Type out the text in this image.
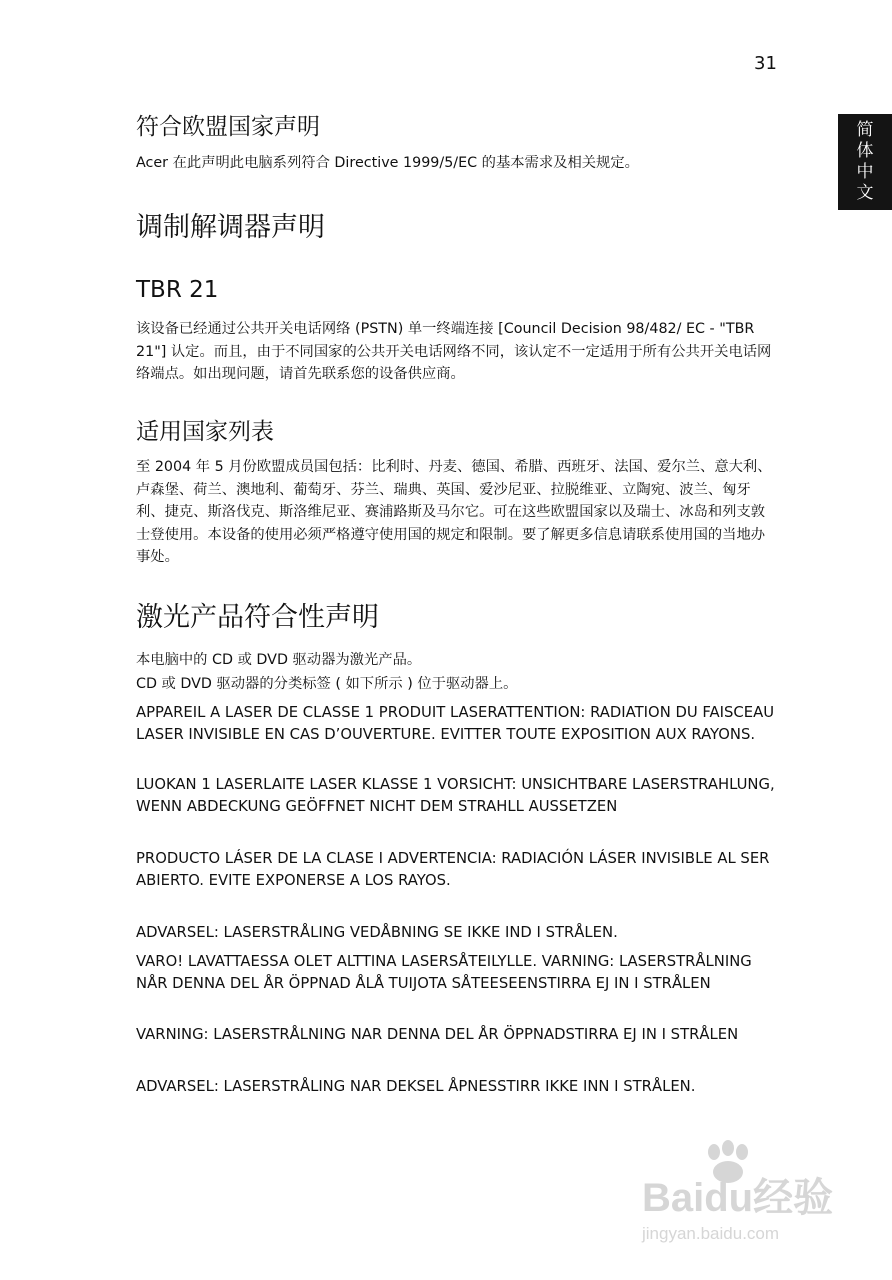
31
简体中文
符合欧盟国家声明

Acer 在此声明此电脑系列符合 Directive 1999/5/EC 的基本需求及相关规定。

调制解调器声明
TBR 21

该设备已经通过公共开关电话网络 (PSTN) 单一终端连接 [Council Decision 98/482/ EC - "TBR 21"] 认定。而且，由于不同国家的公共开关电话网络不同，该认定不一定适用于所有公共开关电话网络端点。如出现问题，请首先联系您的设备供应商。

适用国家列表

至 2004 年 5 月份欧盟成员国包括：比利时、丹麦、德国、希腊、西班牙、法国、爱尔兰、意大利、卢森堡、荷兰、澳地利、葡萄牙、芬兰、瑞典、英国、爱沙尼亚、拉脱维亚、立陶宛、波兰、匈牙利、捷克、斯洛伐克、斯洛维尼亚、赛浦路斯及马尔它。可在这些欧盟国家以及瑞士、冰岛和列支敦士登使用。本设备的使用必须严格遵守使用国的规定和限制。要了解更多信息请联系使用国的当地办事处。

激光产品符合性声明

本电脑中的 CD 或 DVD 驱动器为激光产品。

CD 或 DVD 驱动器的分类标签 ( 如下所示 ) 位于驱动器上。

APPAREIL A LASER DE CLASSE 1 PRODUIT LASERATTENTION: RADIATION DU FAISCEAU LASER INVISIBLE EN CAS D’OUVERTURE. EVITTER TOUTE EXPOSITION AUX RAYONS.

LUOKAN 1 LASERLAITE LASER KLASSE 1 VORSICHT: UNSICHTBARE LASERSTRAHLUNG, WENN ABDECKUNG GEÖFFNET NICHT DEM STRAHLL AUSSETZEN

PRODUCTO LÁSER DE LA CLASE I ADVERTENCIA: RADIACIÓN LÁSER INVISIBLE AL SER ABIERTO. EVITE EXPONERSE A LOS RAYOS.

ADVARSEL: LASERSTRÅLING VEDÅBNING SE IKKE IND I STRÅLEN.

VARO! LAVATTAESSA OLET ALTTINA LASERSÅTEILYLLE. VARNING: LASERSTRÅLNING NÅR DENNA DEL ÅR ÖPPNAD ÅLÅ TUIJOTA SÅTEESEENSTIRRA EJ IN I STRÅLEN

VARNING: LASERSTRÅLNING NAR DENNA DEL ÅR ÖPPNADSTIRRA EJ IN I STRÅLEN

ADVARSEL: LASERSTRÅLING NAR DEKSEL ÅPNESSTIRR IKKE INN I STRÅLEN.

Baidu经验
jingyan.baidu.com
